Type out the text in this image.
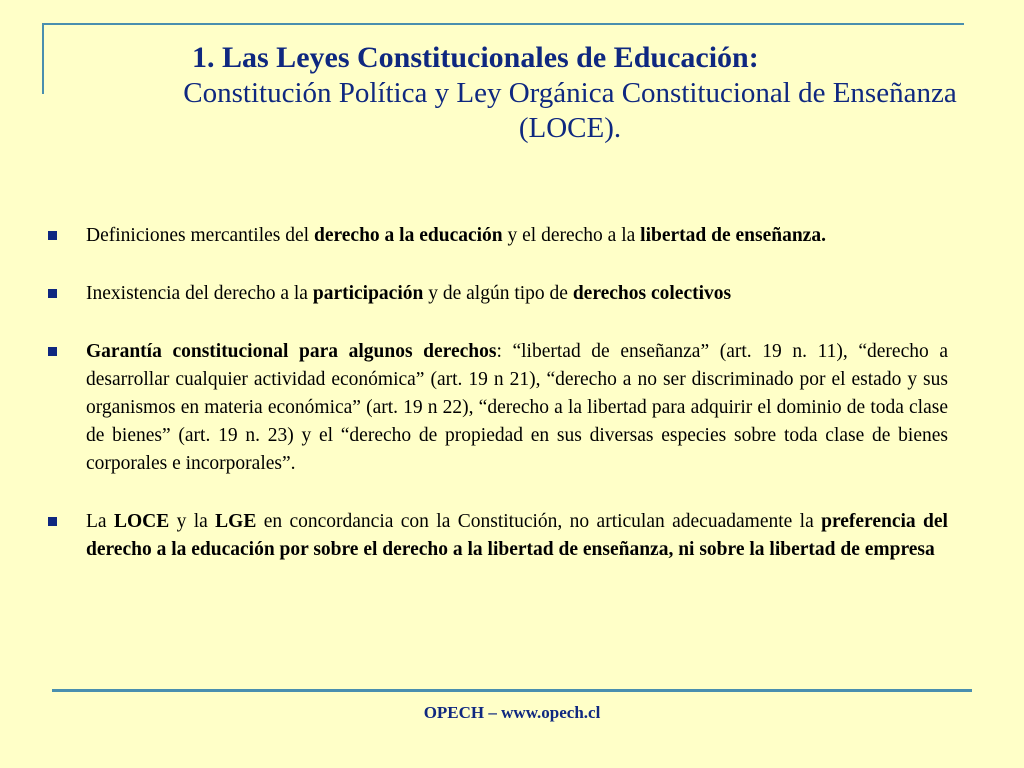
1. Las Leyes Constitucionales de Educación:

Constitución Política y Ley Orgánica Constitucional de Enseñanza (LOCE).

Definiciones mercantiles del derecho a la educación y el derecho a la libertad de enseñanza.
Inexistencia del derecho a la participación y de algún tipo de derechos colectivos
Garantía constitucional para algunos derechos: “libertad de enseñanza” (art. 19 n. 11), “derecho a desarrollar cualquier actividad económica” (art. 19 n 21), “derecho a no ser discriminado por el estado y sus organismos en materia económica” (art. 19 n 22), “derecho a la libertad para adquirir el dominio de toda clase de bienes” (art. 19 n. 23) y el “derecho de propiedad en sus diversas especies sobre toda clase de bienes corporales e incorporales”.
La LOCE y la LGE en concordancia con la Constitución, no articulan adecuadamente la preferencia del derecho a la educación por sobre el derecho a la libertad de enseñanza, ni sobre la libertad de empresa
OPECH – www.opech.cl
